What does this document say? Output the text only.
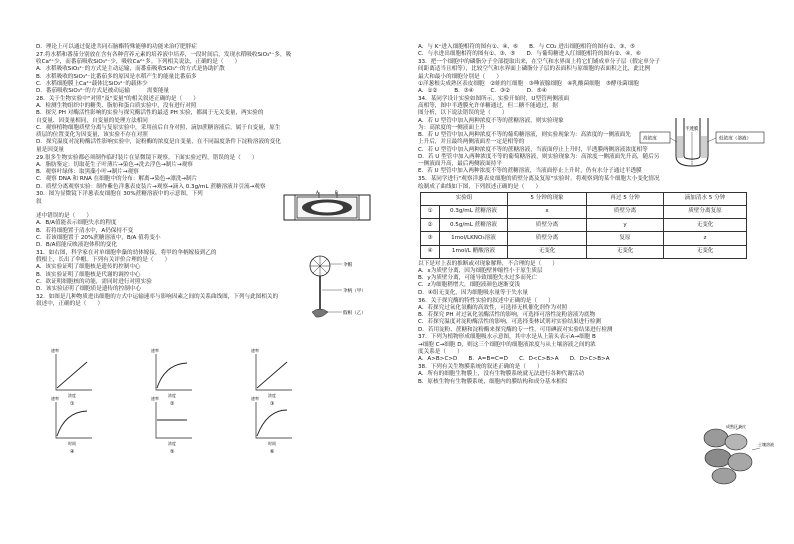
D．理论上可以通过促进共同石脑酯特殊能够的功能来治疗肥胖症
27.将水稻和番茄分别放在含有各种营养元素的培养液中培养，一段时间后，发现水稻吸收SiO₃²⁻多，吸
收Ca²⁺少，而番茄吸收SiO₃²⁻少，吸收Ca²⁺多。下列相关说法，正确的是（　　）
A．水稻吸收SiO₃²⁻的方式是主动运输，而番茄吸收SiO₃²⁻的方式是协助扩散
B．水稻吸收的SiO₃²⁻比番茄多的原因是水稻产生的能量比番茄多
C．水稻细胞膜上Ca²⁺载体比SiO₃²⁻的载体少
D．番茄吸收SiO₃²⁻的方式是被动运输　　　需要能量
28．关于生物实验中"对照"及"变量"的相关叙述正确的是（　　）
A．检测生物组织中的糖类、脂肪和蛋白质实验中，没有进行对照
B．探究 PH 对酶活性影响的实验与探究酶活性的最适 PH 实验，都属于无关变量，两实验的
自变量、因变量相同，自变量的处理方法相同
C．观察植物细胞质壁分离与复原实验中，采用前后自身对照，滴加蔗糖溶液后，属于自变量，原生
质层的位置变化为因变量，该实验不存在对照
D．探究温度对淀粉酶活性影响实验中，淀粉酶的浓度是自变量，在不同温度条件下淀粉溶液的变化
量是因变量
29.很多生物实验都必须制作临时装片在显微镜下观察。下面实验过程，错误的是（　　）
A．脂肪鉴定：切取花生子叶薄片→染色→洗去浮色→制片→观察
B．观察叶绿体：取黑藻小叶→制片→观察
C．观察 DNA 和 RNA 在细胞中的分布：解离→染色→漂洗→制片
D．质壁分离观察实验：制作紫色洋葱表皮装片→观察→滴入 0.3g/mL 蔗糖溶液并引流→观察
30．图为显微镜下洋葱表皮细胞在 30%蔗糖溶液中的示意图，下列
叙
述中错误的是（　　）
A．B/A值能表示细胞失水的程度
B．若将细胞置于清水中，A仍保持不变
C．若该细胞置于 20%蔗糖溶液中，B/A 值将变小
D．B/A值能反映液泡体积的变化
31．如右图，科学家在对单细胞伞藻的幼体嫁接，将甲的伞柄嫁接到乙的
假根上，长出了伞帽。下列有关评价合理的是（　　）
A．该实验证明了细胞核是遗传的控制中心
B．该实验证明了细胞核是代谢的调控中心
C．欲证明细胞核的功能，需同时进行对照实验
D．该实验证明了细胞质是遗传的控制中心
32．如图是几种物质进出细胞的方式中运输速率与影响因素之间的关系曲线图，下列与此图相关的
叙述中，正确的是（　　）
A．与 K⁺进入细胞相符的图有①、④、⑥　　B．与 CO₂ 进出细胞相符的图有②、③、⑤
C．与水进出细胞相符的图有①、③、⑤　　D．与葡萄糖进入红细胞相符的图有②、④、⑥
33．把一个细胞中的磷脂分子全部提取出来，在空气和水界面上将它们铺成单分子层（假定单分子
间距离适当且相等），比较空气和水界面上磷脂分子层的表面积与原细胞的表面积之比，此比例
最大和最小的细胞分别是（　　）
①洋葱根尖成熟区表皮细胞　②蛙的红细胞　③唾液腺细胞　④乳酸菌细胞　⑤酵母菌细胞
A．①②　　　B．③④　　　C．③②　　　D．⑤④
34．某同学设计实验如图所示，实验开始时，U型管两侧液面
高相等，图中半透膜允许单糖通过，但二糖不能通过，据
图分析，以下说法错误的是（　　）
A．若 U 型管中加入两种浓度不等的蔗糖溶液，则实验现象
为：高浓度的一侧液面上升
B．若 U 型管中加入两种浓度不等的葡萄糖溶液，则实验现象为：高浓度的一侧液面先
上升后，并且最终两侧液面差一定是相等的
C．若 U 型管中加入两种浓度不等的蔗糖溶液，当液面停止上升时，半透膜两侧溶液浓度相等
D．若 U 型管中加入两种浓度不等的葡萄糖溶液，则实验现象为：高浓度一侧液面先升高，随后另
一侧液面升高，最后两侧液面持平
E．若 U 型管中加入两种浓度不等的蔗糖溶液，当液面停止上升时，仍有水分子通过半透膜
35．某同学进行"观察洋葱表皮细胞的质壁分离及复原"实验时，将观察到的某个细胞大小变化情况
绘制成了曲线如下图，下列叙述正确的是（　　）
实验组		5 分钟的现象	再过 5 分钟	滴加清水 5 分钟
①	0.3g/mL 蔗糖溶液	x	质壁分离	质壁分离复原
②	0.5g/mL 蔗糖溶液	质壁分离	y	无变化
③	1mol/LKNO₃溶液	质壁分离	复原	z
④	1mol/L 醋酸溶液	无变化	无变化	无变化
以下是对上表的推断或对现象解释，不合理的是（　　）
A．x为质壁分离，因为细胞壁伸缩性小于原生质层
B．y为质壁分离，可能导致细胞失水过多而死亡
C．z为细胞稍增大，细胞液颜色逐渐变浅
D．④组无变化，因为细胞吸水量等于失水量
36．关于探究酶的特性实验的叙述中正确的是（　　）
A．若探究过氧化氢酶的高效性，可选择无机催化剂作为对照
B．若探究 PH 对过氧化氢酶活性的影响，可选择可溶性淀粉溶液为底物
C．若探究温度对淀粉酶活性的影响，可选择斐林试剂对实验结果进行检测
D．若用淀粉、蔗糖和淀粉酶来探究酶的专一性，可用碘液对实验结果进行检测
37．下列为植物形成细胞吸水示意图，其中水是从上箭头表示A→细胞 B
→细胞 C→细胞 D，则这三个细胞中的细胞液浓度与从土壤溶液之间的浓
度关系是（　　）
A．A>B>C>D　　B．A=B=C=D　　C．D<C>B>A　　D．D>C>B>A
38．下列有关生物膜系统的叙述正确的是（　　）
A．所有的细胞生物膜上，没有生物膜系统就无法进行各种代谢活动
B．原核生物有生物膜系统，细胞内的膜结构和成分基本相似
A	B
伞帽
伞柄（甲）
假根（乙）
速率
浓度
①
速率
浓度
②
速率
浓度
③
速率
时间
④
速率
浓度
⑤
速率
时间
⑥
半透膜
高浓度	低浓度（溶液）
成熟区表皮
土壤溶液
